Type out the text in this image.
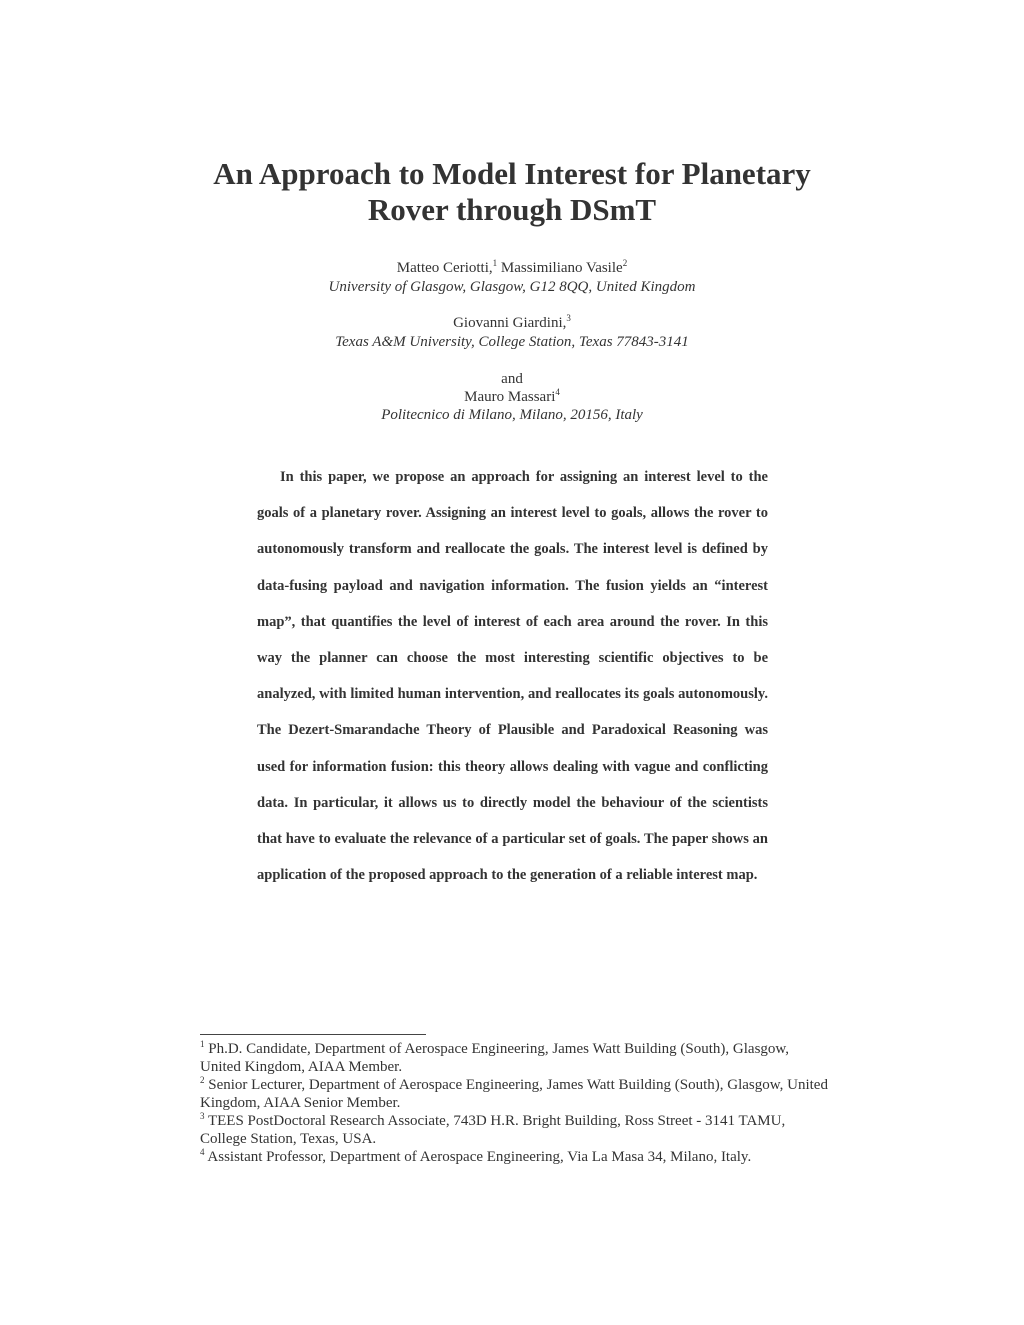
An Approach to Model Interest for Planetary
Rover through DSmT
Matteo Ceriotti,$^1$ Massimiliano Vasile$^2$
University of Glasgow, Glasgow, G12 8QQ, United Kingdom
Giovanni Giardini,$^3$
Texas A&M University, College Station, Texas 77843-3141
and
Mauro Massari$^4$
Politecnico di Milano, Milano, 20156, Italy

In this paper, we propose an approach for assigning an interest level to the goals of a planetary rover. Assigning an interest level to goals, allows the rover to autonomously transform and reallocate the goals. The interest level is defined by data-fusing payload and navigation information. The fusion yields an “interest map”, that quantifies the level of interest of each area around the rover. In this way the planner can choose the most interesting scientific objectives to be analyzed, with limited human intervention, and reallocates its goals autonomously. The Dezert-Smarandache Theory of Plausible and Paradoxical Reasoning was used for information fusion: this theory allows dealing with vague and conflicting data. In particular, it allows us to directly model the behaviour of the scientists that have to evaluate the relevance of a particular set of goals. The paper shows an application of the proposed approach to the generation of a reliable interest map.

$^1$ Ph.D. Candidate, Department of Aerospace Engineering, James Watt Building (South), Glasgow, United Kingdom, AIAA Member.

$^2$ Senior Lecturer, Department of Aerospace Engineering, James Watt Building (South), Glasgow, United Kingdom, AIAA Senior Member.

$^3$ TEES PostDoctoral Research Associate, 743D H.R. Bright Building, Ross Street - 3141 TAMU, College Station, Texas, USA.

$^4$ Assistant Professor, Department of Aerospace Engineering, Via La Masa 34, Milano, Italy.
